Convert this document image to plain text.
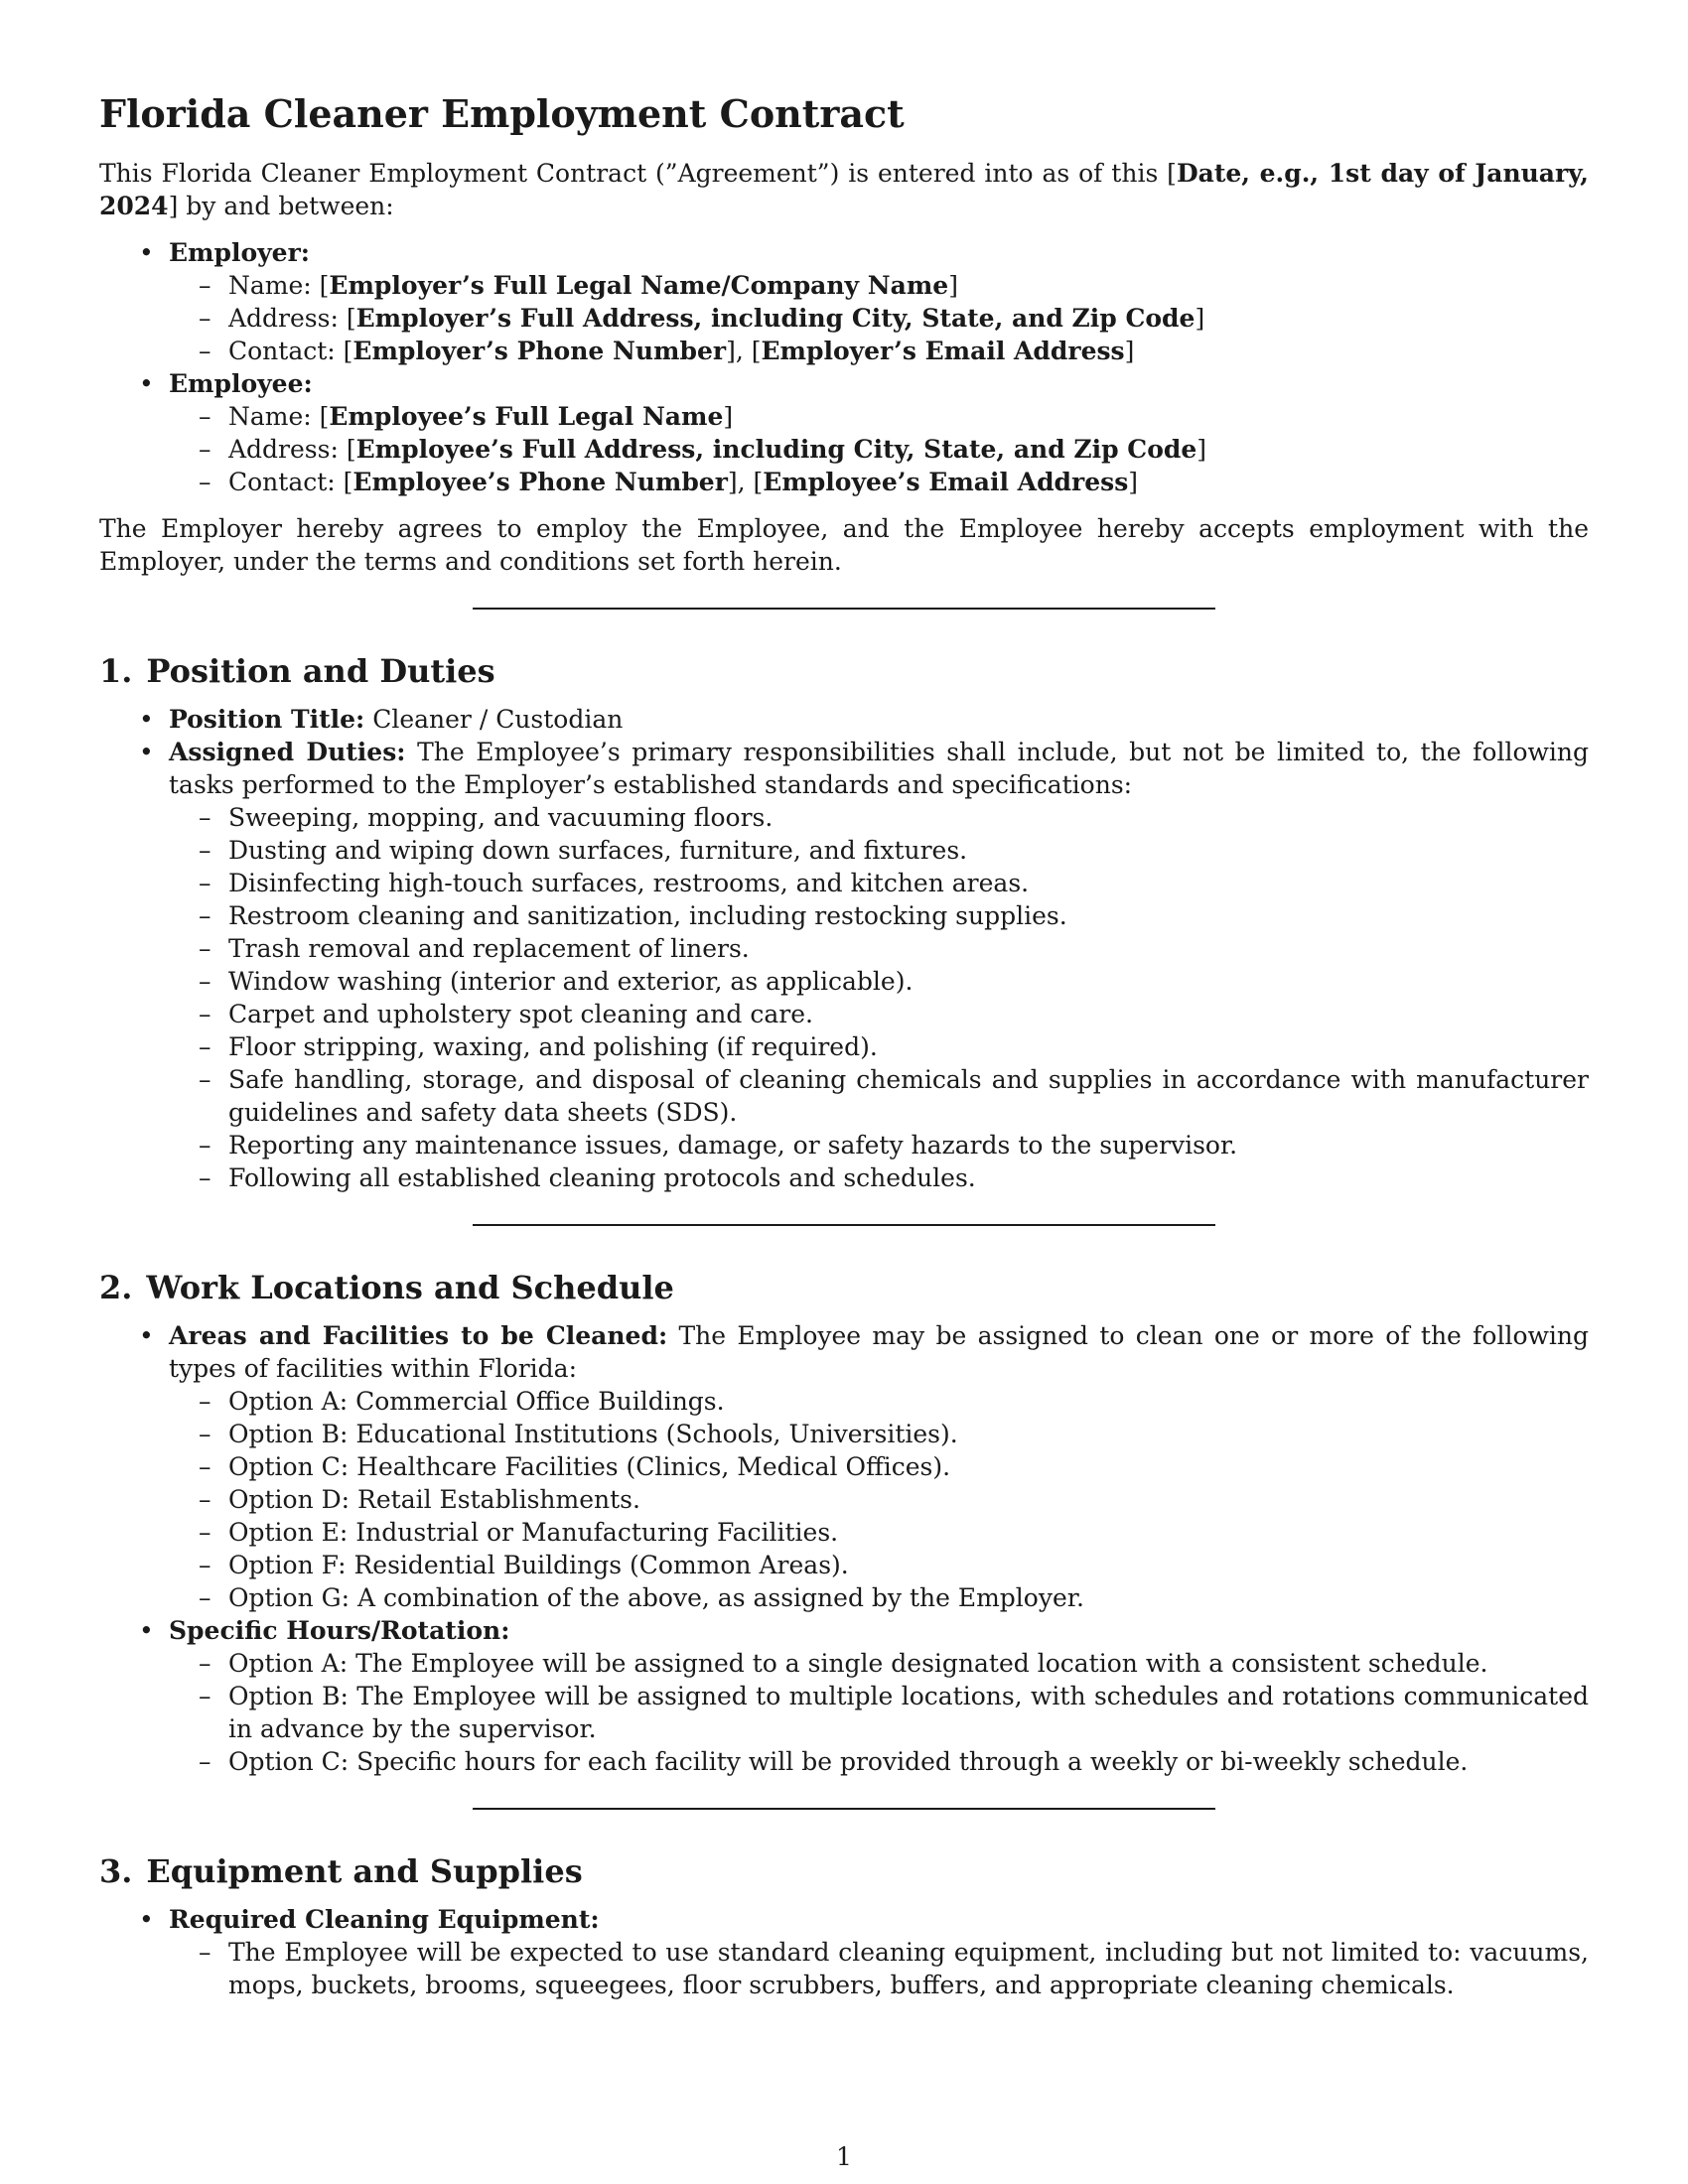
Florida Cleaner Employment Contract

This Florida Cleaner Employment Contract (”Agreement”) is entered into as of this [Date, e.g., 1st day of January, 2024] by and between:

• Employer:
– Name: [Employer’s Full Legal Name/Company Name]
– Address: [Employer’s Full Address, including City, State, and Zip Code]
– Contact: [Employer’s Phone Number], [Employer’s Email Address]
• Employee:
– Name: [Employee’s Full Legal Name]
– Address: [Employee’s Full Address, including City, State, and Zip Code]
– Contact: [Employee’s Phone Number], [Employee’s Email Address]

The Employer hereby agrees to employ the Employee, and the Employee hereby accepts employment with the Employer, under the terms and conditions set forth herein.

1. Position and Duties
• Position Title: Cleaner / Custodian
• Assigned Duties: The Employee’s primary responsibilities shall include, but not be limited to, the following tasks performed to the Employer’s established standards and specifications:
– Sweeping, mopping, and vacuuming floors.
– Dusting and wiping down surfaces, furniture, and fixtures.
– Disinfecting high-touch surfaces, restrooms, and kitchen areas.
– Restroom cleaning and sanitization, including restocking supplies.
– Trash removal and replacement of liners.
– Window washing (interior and exterior, as applicable).
– Carpet and upholstery spot cleaning and care.
– Floor stripping, waxing, and polishing (if required).
– Safe handling, storage, and disposal of cleaning chemicals and supplies in accordance with manufacturer guidelines and safety data sheets (SDS).
– Reporting any maintenance issues, damage, or safety hazards to the supervisor.
– Following all established cleaning protocols and schedules.
2. Work Locations and Schedule
• Areas and Facilities to be Cleaned: The Employee may be assigned to clean one or more of the following types of facilities within Florida:
– Option A: Commercial Office Buildings.
– Option B: Educational Institutions (Schools, Universities).
– Option C: Healthcare Facilities (Clinics, Medical Offices).
– Option D: Retail Establishments.
– Option E: Industrial or Manufacturing Facilities.
– Option F: Residential Buildings (Common Areas).
– Option G: A combination of the above, as assigned by the Employer.
• Specific Hours/Rotation:
– Option A: The Employee will be assigned to a single designated location with a consistent schedule.
– Option B: The Employee will be assigned to multiple locations, with schedules and rotations communicated in advance by the supervisor.
– Option C: Specific hours for each facility will be provided through a weekly or bi-weekly schedule.
3. Equipment and Supplies
• Required Cleaning Equipment:
– The Employee will be expected to use standard cleaning equipment, including but not limited to: vacuums, mops, buckets, brooms, squeegees, floor scrubbers, buffers, and appropriate cleaning chemicals.
1
